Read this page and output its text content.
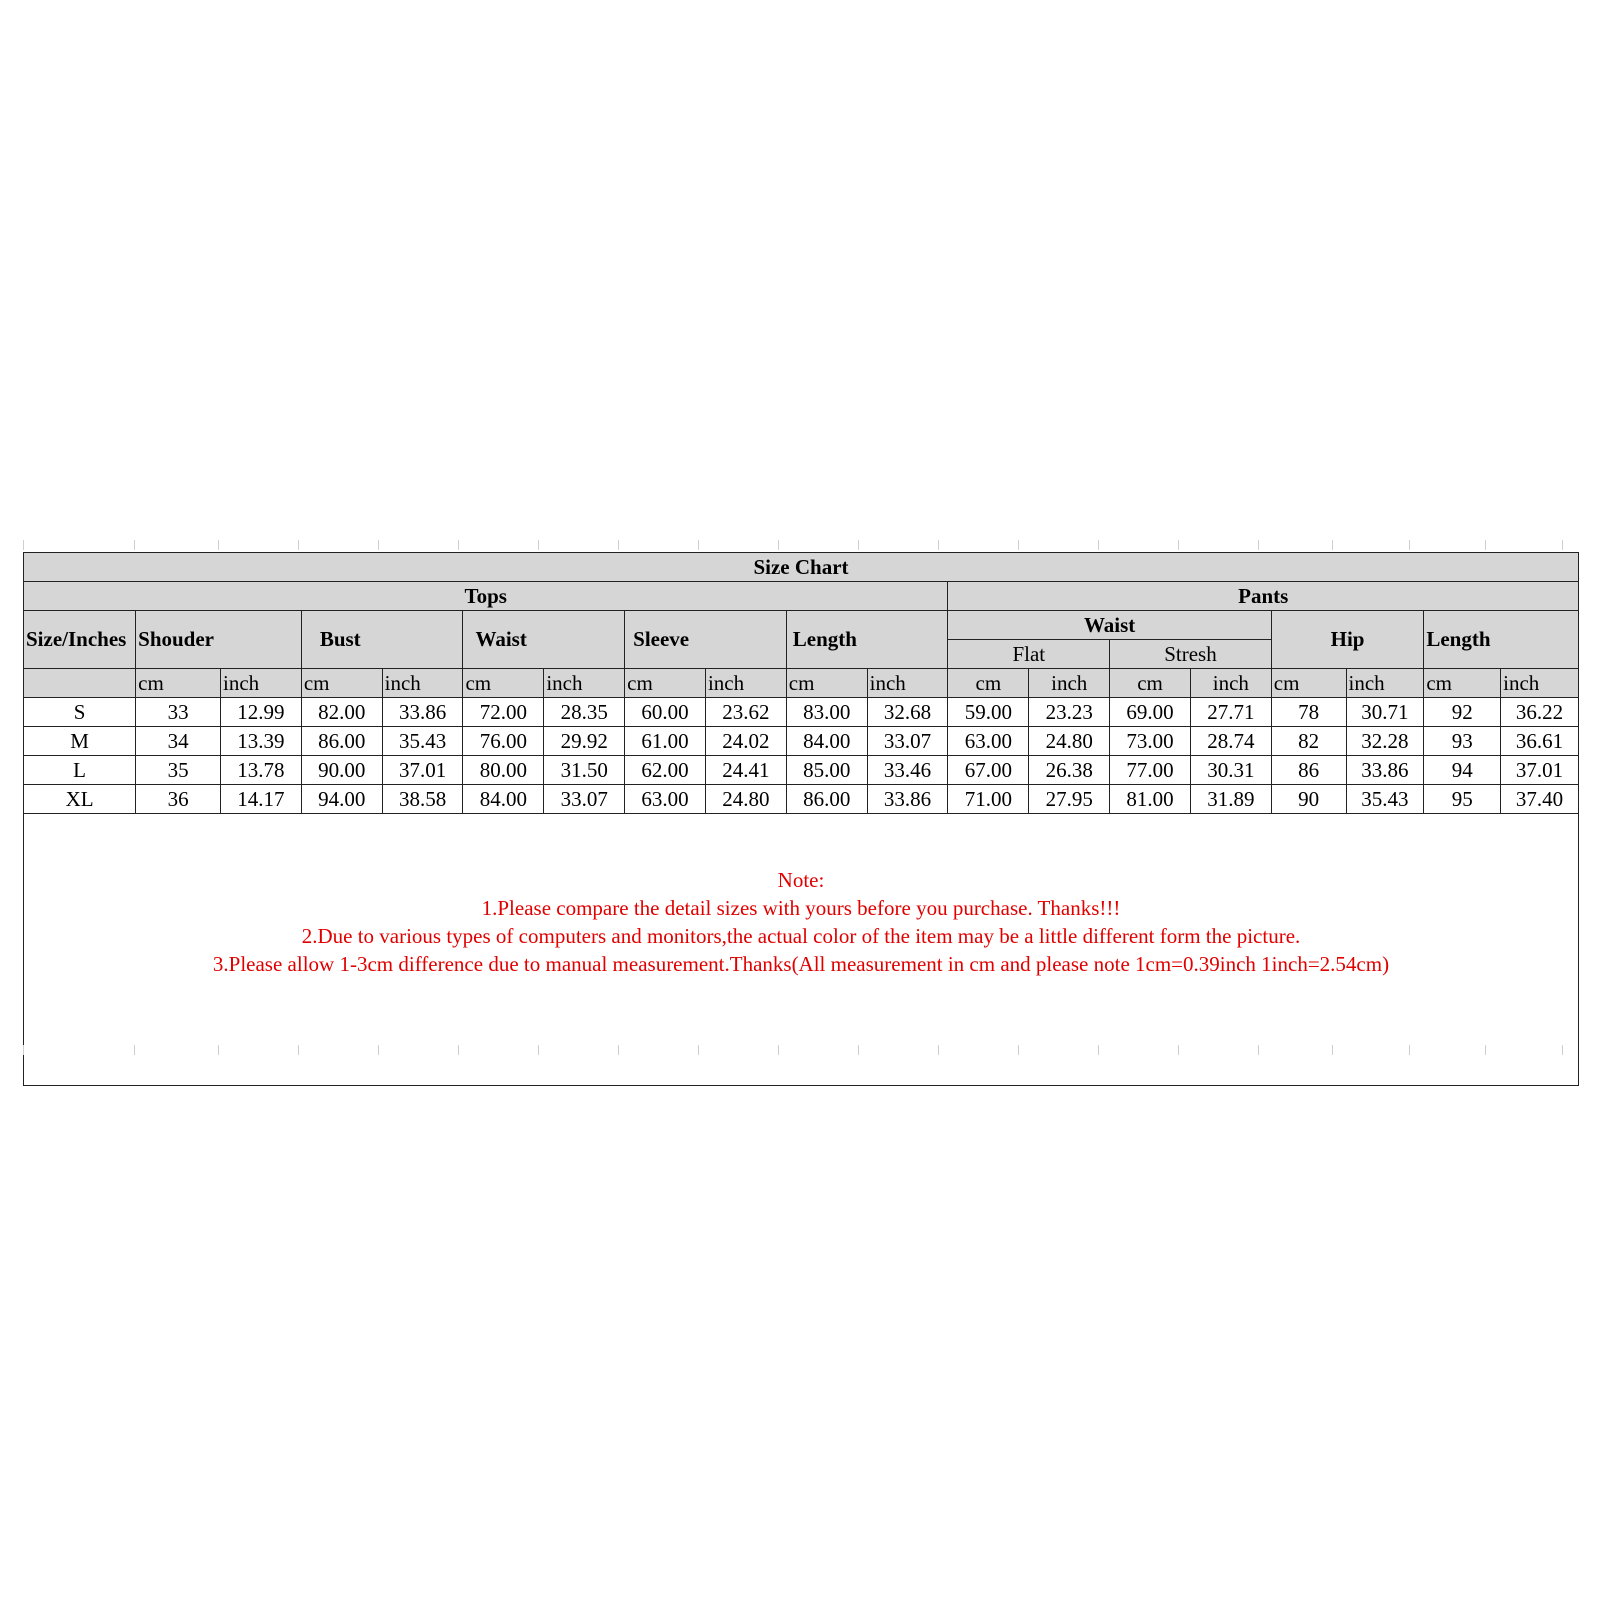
Size Chart																		
Tops											Pants							
Size/Inches	Shouder		Bust		Waist		Sleeve		Length		Waist				Hip		Length	
											Flat		Stresh					
	cm	inch	cm	inch	cm	inch	cm	inch	cm	inch	cm	inch	cm	inch	cm	inch	cm	inch
S	33	12.99	82.00	33.86	72.00	28.35	60.00	23.62	83.00	32.68	59.00	23.23	69.00	27.71	78	30.71	92	36.22
M	34	13.39	86.00	35.43	76.00	29.92	61.00	24.02	84.00	33.07	63.00	24.80	73.00	28.74	82	32.28	93	36.61
L	35	13.78	90.00	37.01	80.00	31.50	62.00	24.41	85.00	33.46	67.00	26.38	77.00	30.31	86	33.86	94	37.01
XL	36	14.17	94.00	38.58	84.00	33.07	63.00	24.80	86.00	33.86	71.00	27.95	81.00	31.89	90	35.43	95	37.40

Note:
1.Please compare the detail sizes with yours before you purchase. Thanks!!!
2.Due to various types of computers and monitors,the actual color of the item may be a little different form the picture.
3.Please allow 1-3cm difference due to manual measurement.Thanks(All measurement in cm and please note 1cm=0.39inch 1inch=2.54cm)																		
